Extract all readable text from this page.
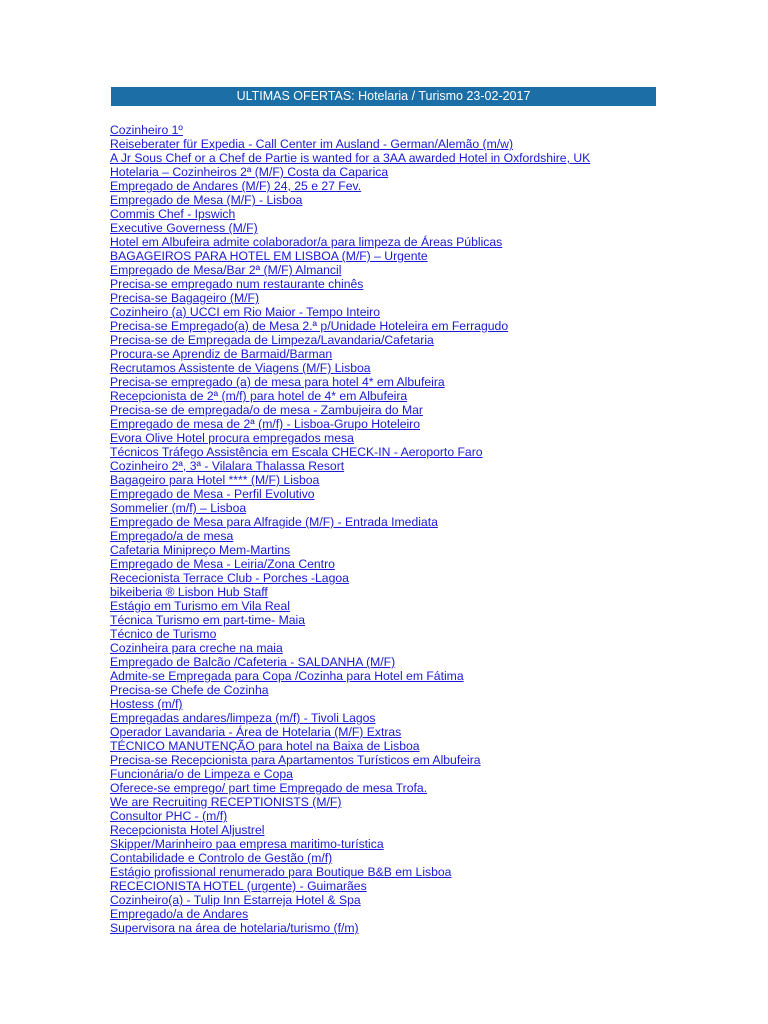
ULTIMAS OFERTAS: Hotelaria / Turismo 23-02-2017
Cozinheiro 1º
Reiseberater für Expedia - Call Center im Ausland - German/Alemão (m/w)
A Jr Sous Chef or a Chef de Partie is wanted for a 3AA awarded Hotel in Oxfordshire, UK
Hotelaria – Cozinheiros 2ª (M/F) Costa da Caparica
Empregado de Andares (M/F) 24, 25 e 27 Fev.
Empregado de Mesa (M/F) - Lisboa
Commis Chef - Ipswich
Executive Governess (M/F)
Hotel em Albufeira admite colaborador/a para limpeza de Áreas Públicas
BAGAGEIROS PARA HOTEL EM LISBOA (M/F) – Urgente
Empregado de Mesa/Bar 2ª (M/F) Almancil
Precisa-se empregado num restaurante chinês
Precisa-se Bagageiro (M/F)
Cozinheiro (a) UCCI em Rio Maior - Tempo Inteiro
Precisa-se Empregado(a) de Mesa 2.ª p/Unidade Hoteleira em Ferragudo
Precisa-se de Empregada de Limpeza/Lavandaria/Cafetaria
Procura-se Aprendiz de Barmaid/Barman
Recrutamos Assistente de Viagens (M/F) Lisboa
Precisa-se empregado (a) de mesa para hotel 4* em Albufeira
Recepcionista de 2ª (m/f) para hotel de 4* em Albufeira
Precisa-se de empregada/o de mesa - Zambujeira do Mar
Empregado de mesa de 2ª (m/f) - Lisboa-Grupo Hoteleiro
Evora Olive Hotel procura empregados mesa
Técnicos Tráfego Assistência em Escala CHECK-IN - Aeroporto Faro
Cozinheiro 2ª, 3ª - Vilalara Thalassa Resort
Bagageiro para Hotel **** (M/F) Lisboa
Empregado de Mesa - Perfil Evolutivo
Sommelier (m/f) – Lisboa
Empregado de Mesa para Alfragide (M/F) - Entrada Imediata
Empregado/a de mesa
Cafetaria Minipreço Mem-Martins
Empregado de Mesa - Leiria/Zona Centro
Rececionista Terrace Club - Porches -Lagoa
bikeiberia ® Lisbon Hub Staff
Estágio em Turismo em Vila Real
Técnica Turismo em part-time- Maia
Técnico de Turismo
Cozinheira para creche na maia
Empregado de Balcão /Cafeteria - SALDANHA (M/F)
Admite-se Empregada para Copa /Cozinha para Hotel em Fátima
Precisa-se Chefe de Cozinha
Hostess (m/f)
Empregadas andares/limpeza (m/f) - Tivoli Lagos
Operador Lavandaria - Área de Hotelaria (M/F) Extras
TÉCNICO MANUTENÇÃO para hotel na Baixa de Lisboa
Precisa-se Recepcionista para Apartamentos Turísticos em Albufeira
Funcionária/o de Limpeza e Copa
Oferece-se emprego/ part time Empregado de mesa Trofa.
We are Recruiting RECEPTIONISTS (M/F)
Consultor PHC - (m/f)
Recepcionista Hotel Aljustrel
Skipper/Marinheiro paa empresa maritimo-turística
Contabilidade e Controlo de Gestão (m/f)
Estágio profissional renumerado para Boutique B&B em Lisboa
RECECIONISTA HOTEL (urgente) - Guimarães
Cozinheiro(a) - Tulip Inn Estarreja Hotel & Spa
Empregado/a de Andares
Supervisora na área de hotelaria/turismo (f/m)
